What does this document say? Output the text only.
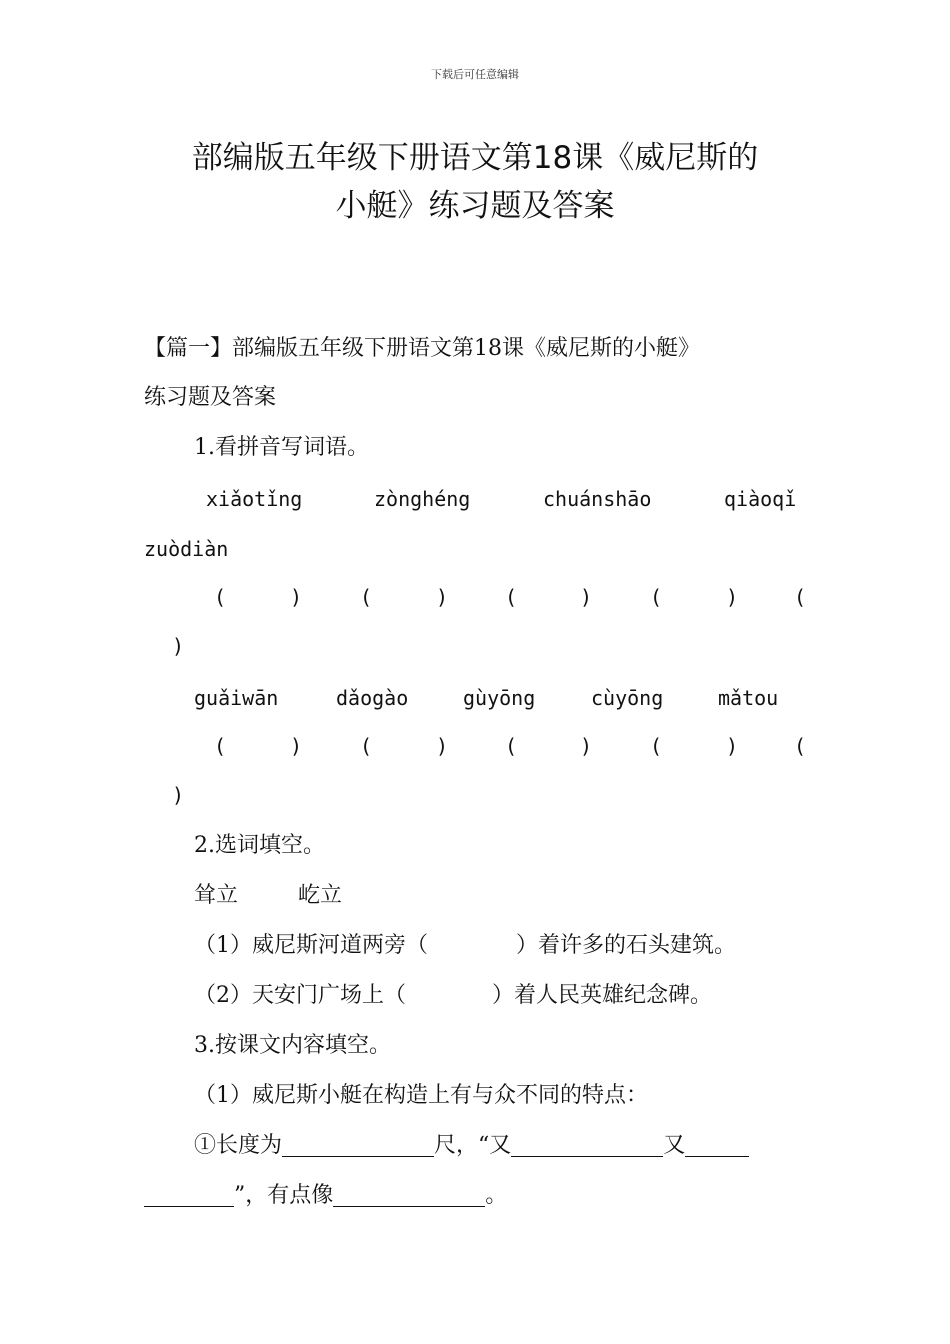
下载后可任意编辑
部编版五年级下册语文第18课《威尼斯的
小艇》练习题及答案
【篇一】部编版五年级下册语文第18课《威尼斯的小艇》
练习题及答案
1.看拼音写词语。
xiǎotǐng	zònghéng	chuánshāo	qiàoqǐ
zuòdiàn
(	)	(	)	(	)	(	)	(
)
guǎiwān	dǎogào	gùyōng	cùyōng	mǎtou
(	)	(	)	(	)	(	)	(
)
2.选词填空。
耸立	屹立
（1）威尼斯河道两旁（	）着许多的石头建筑。
（2）天安门广场上（	）着人民英雄纪念碑。
3.按课文内容填空。
（1）威尼斯小艇在构造上有与众不同的特点：
①长度为	尺，“又	又
”，有点像	。
